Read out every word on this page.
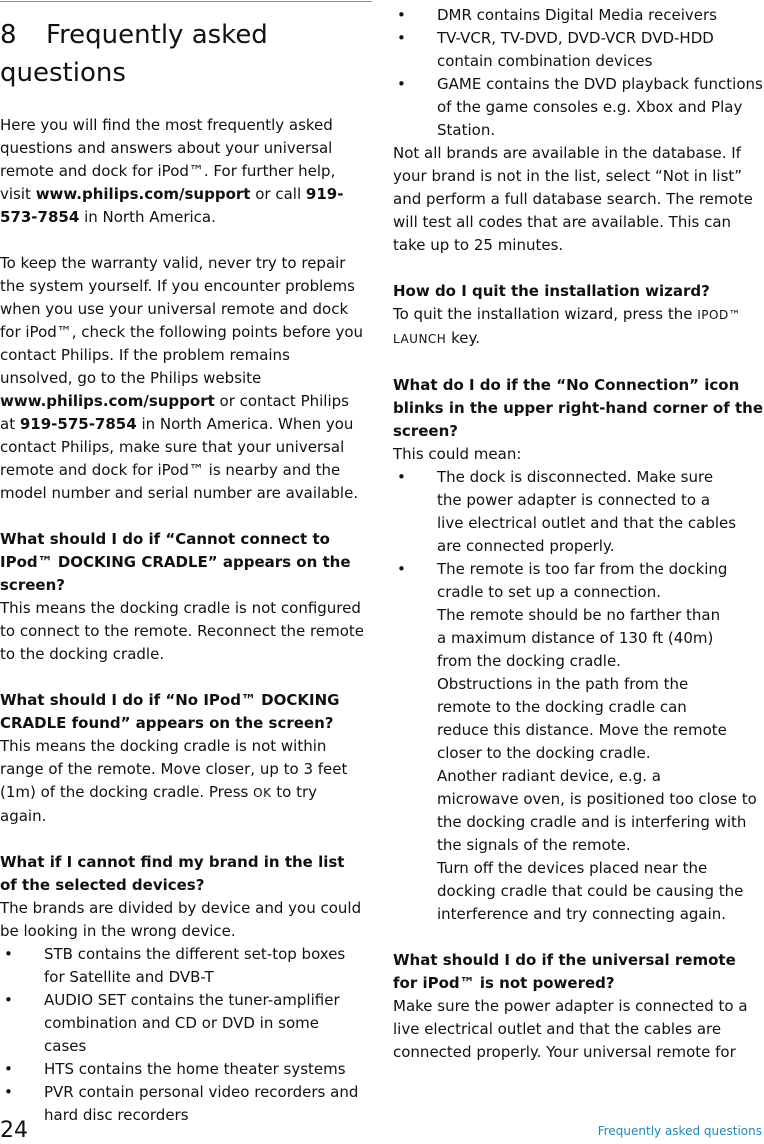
8 Frequently asked questions

Here you will find the most frequently asked questions and answers about your universal remote and dock for iPod™. For further help, visit www.philips.com/support or call 919-573-7854 in North America.

To keep the warranty valid, never try to repair the system yourself. If you encounter problems when you use your universal remote and dock for iPod™, check the following points before you contact Philips. If the problem remains unsolved, go to the Philips website www.philips.com/support or contact Philips at 919-575-7854 in North America. When you contact Philips, make sure that your universal remote and dock for iPod™ is nearby and the model number and serial number are available.

What should I do if “Cannot connect to IPod™ DOCKING CRADLE” appears on the screen?

This means the docking cradle is not configured to connect to the remote. Reconnect the remote to the docking cradle.

What should I do if “No IPod™ DOCKING
CRADLE found” appears on the screen?

This means the docking cradle is not within range of the remote. Move closer, up to 3 feet (1m) of the docking cradle. Press OK to try again.

What if I cannot find my brand in the list of the selected devices?

The brands are divided by device and you could be looking in the wrong device.

• STB contains the different set-top boxes for Satellite and DVB-T
• AUDIO SET contains the tuner-amplifier combination and CD or DVD in some cases
• HTS contains the home theater systems
• PVR contain personal video recorders and hard disc recorders
• DMR contains Digital Media receivers
• TV-VCR, TV-DVD, DVD-VCR DVD-HDD contain combination devices
• GAME contains the DVD playback functions of the game consoles e.g. Xbox and Play Station.

Not all brands are available in the database. If your brand is not in the list, select “Not in list” and perform a full database search. The remote will test all codes that are available. This can take up to 25 minutes.

How do I quit the installation wizard?

To quit the installation wizard, press the IPOD™ LAUNCH key.

What do I do if the “No Connection” icon blinks in the upper right-hand corner of the screen?

This could mean:

• The dock is disconnected. Make sure
the power adapter is connected to a
live electrical outlet and that the cables
are connected properly.
• The remote is too far from the docking
cradle to set up a connection.
The remote should be no farther than
a maximum distance of 130 ft (40m)
from the docking cradle.
Obstructions in the path from the
remote to the docking cradle can
reduce this distance. Move the remote
closer to the docking cradle.
Another radiant device, e.g. a
microwave oven, is positioned too close to
the docking cradle and is interfering with
the signals of the remote.
Turn off the devices placed near the
docking cradle that could be causing the
interference and try connecting again.

What should I do if the universal remote for iPod™ is not powered?

Make sure the power adapter is connected to a live electrical outlet and that the cables are connected properly. Your universal remote for

24	Frequently asked questions
